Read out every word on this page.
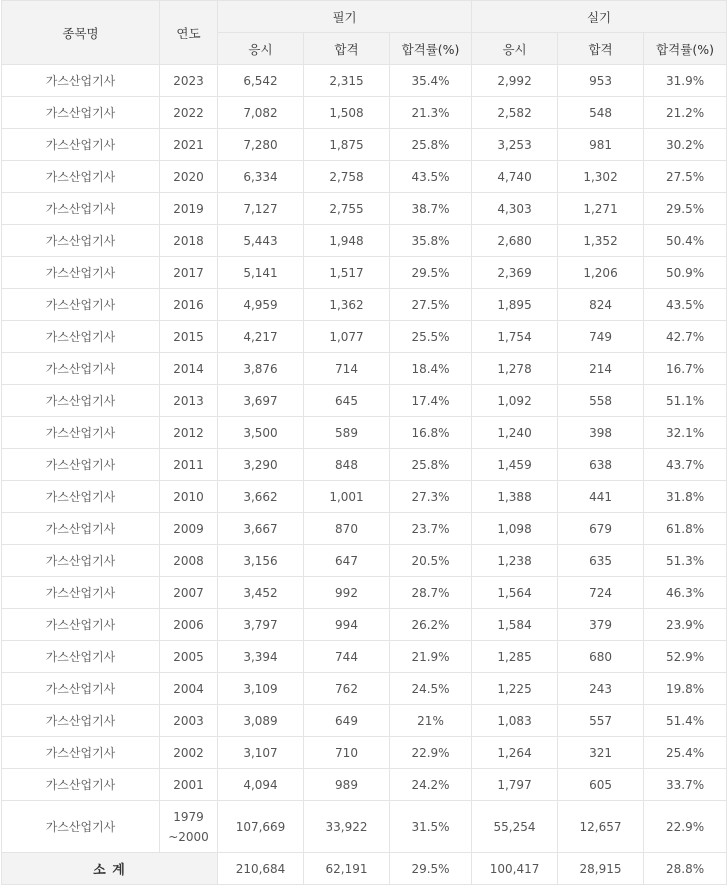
종목명	연도	필기			실기		
		응시	합격	합격률(%)	응시	합격	합격률(%)
가스산업기사	2023	6,542	2,315	35.4%	2,992	953	31.9%
가스산업기사	2022	7,082	1,508	21.3%	2,582	548	21.2%
가스산업기사	2021	7,280	1,875	25.8%	3,253	981	30.2%
가스산업기사	2020	6,334	2,758	43.5%	4,740	1,302	27.5%
가스산업기사	2019	7,127	2,755	38.7%	4,303	1,271	29.5%
가스산업기사	2018	5,443	1,948	35.8%	2,680	1,352	50.4%
가스산업기사	2017	5,141	1,517	29.5%	2,369	1,206	50.9%
가스산업기사	2016	4,959	1,362	27.5%	1,895	824	43.5%
가스산업기사	2015	4,217	1,077	25.5%	1,754	749	42.7%
가스산업기사	2014	3,876	714	18.4%	1,278	214	16.7%
가스산업기사	2013	3,697	645	17.4%	1,092	558	51.1%
가스산업기사	2012	3,500	589	16.8%	1,240	398	32.1%
가스산업기사	2011	3,290	848	25.8%	1,459	638	43.7%
가스산업기사	2010	3,662	1,001	27.3%	1,388	441	31.8%
가스산업기사	2009	3,667	870	23.7%	1,098	679	61.8%
가스산업기사	2008	3,156	647	20.5%	1,238	635	51.3%
가스산업기사	2007	3,452	992	28.7%	1,564	724	46.3%
가스산업기사	2006	3,797	994	26.2%	1,584	379	23.9%
가스산업기사	2005	3,394	744	21.9%	1,285	680	52.9%
가스산업기사	2004	3,109	762	24.5%	1,225	243	19.8%
가스산업기사	2003	3,089	649	21%	1,083	557	51.4%
가스산업기사	2002	3,107	710	22.9%	1,264	321	25.4%
가스산업기사	2001	4,094	989	24.2%	1,797	605	33.7%
가스산업기사	1979
~2000	107,669	33,922	31.5%	55,254	12,657	22.9%
소 계		210,684	62,191	29.5%	100,417	28,915	28.8%
